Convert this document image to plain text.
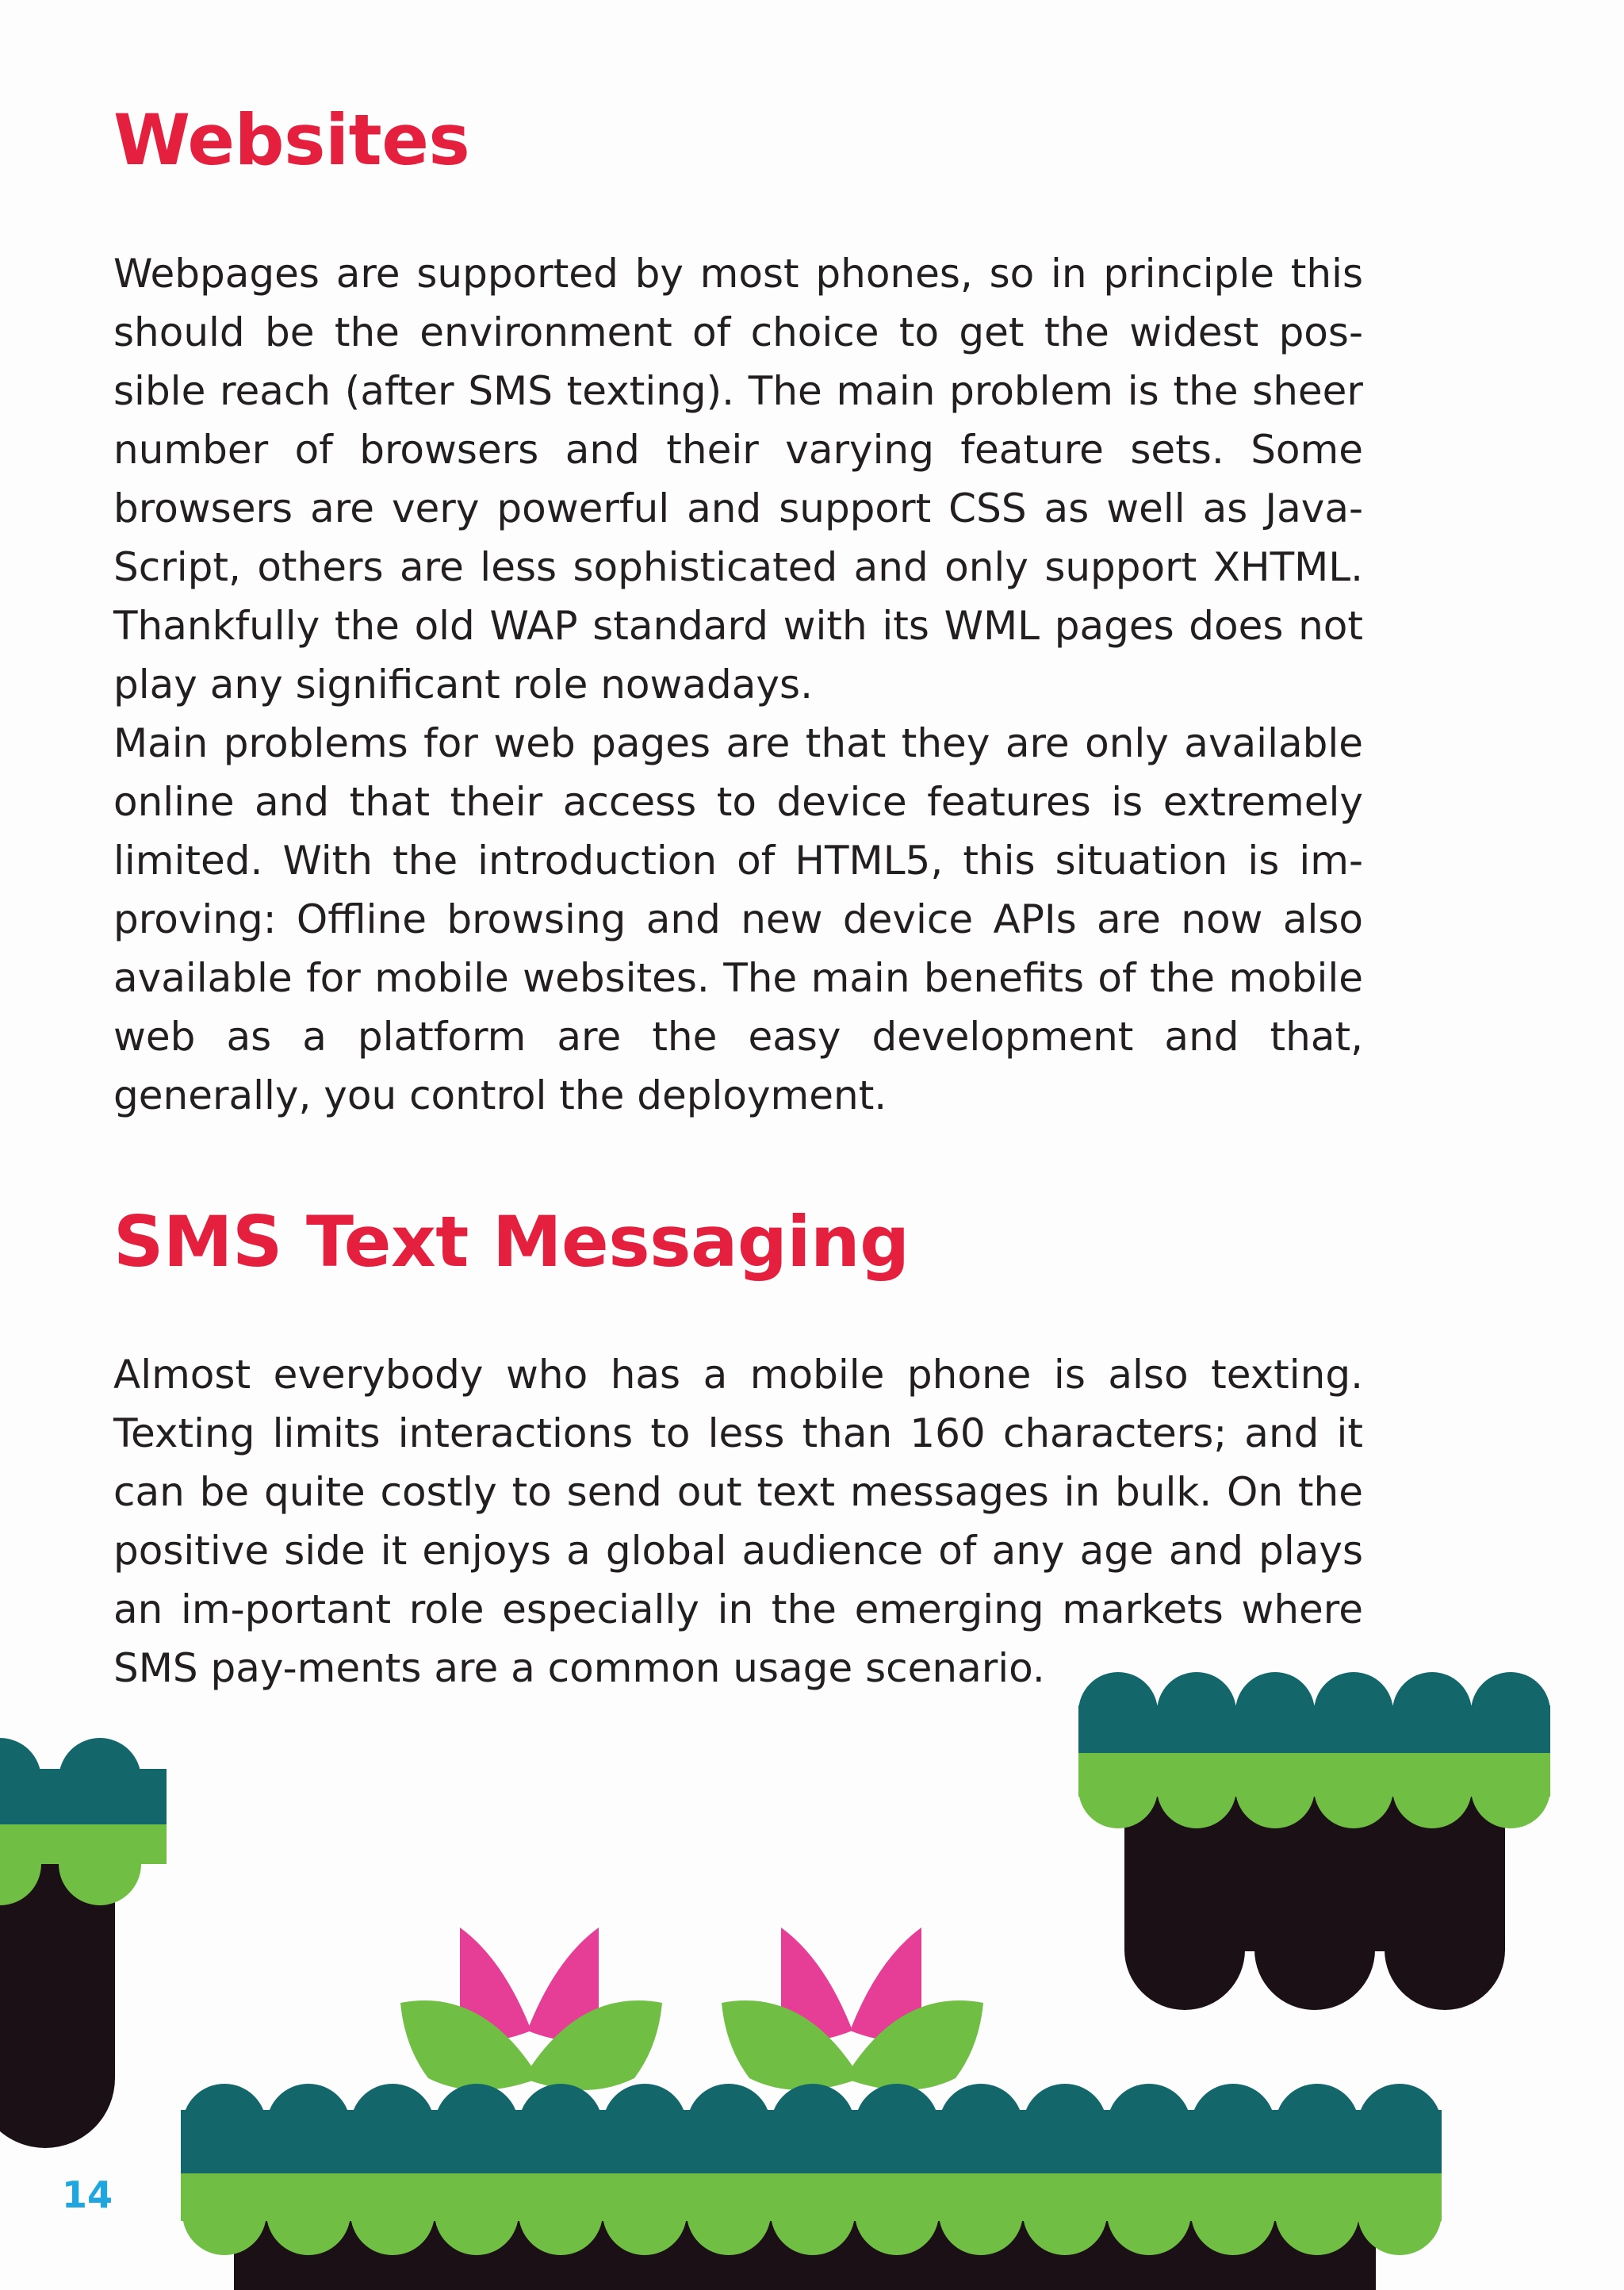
Websites

Webpages are supported by most phones, so in principle this should be the environment of choice to get the widest pos-sible reach (after SMS texting). The main problem is the sheer number of browsers and their varying feature sets. Some browsers are very powerful and support CSS as well as Java-Script, others are less sophisticated and only support XHTML. Thankfully the old WAP standard with its WML pages does not play any significant role nowadays.

Main problems for web pages are that they are only available online and that their access to device features is extremely limited. With the introduction of HTML5, this situation is im-proving: Offline browsing and new device APIs are now also available for mobile websites. The main benefits of the mobile web as a platform are the easy development and that, generally, you control the deployment.

SMS Text Messaging

Almost everybody who has a mobile phone is also texting. Texting limits interactions to less than 160 characters; and it can be quite costly to send out text messages in bulk. On the positive side it enjoys a global audience of any age and plays an im-portant role especially in the emerging markets where SMS pay-ments are a common usage scenario.

14
